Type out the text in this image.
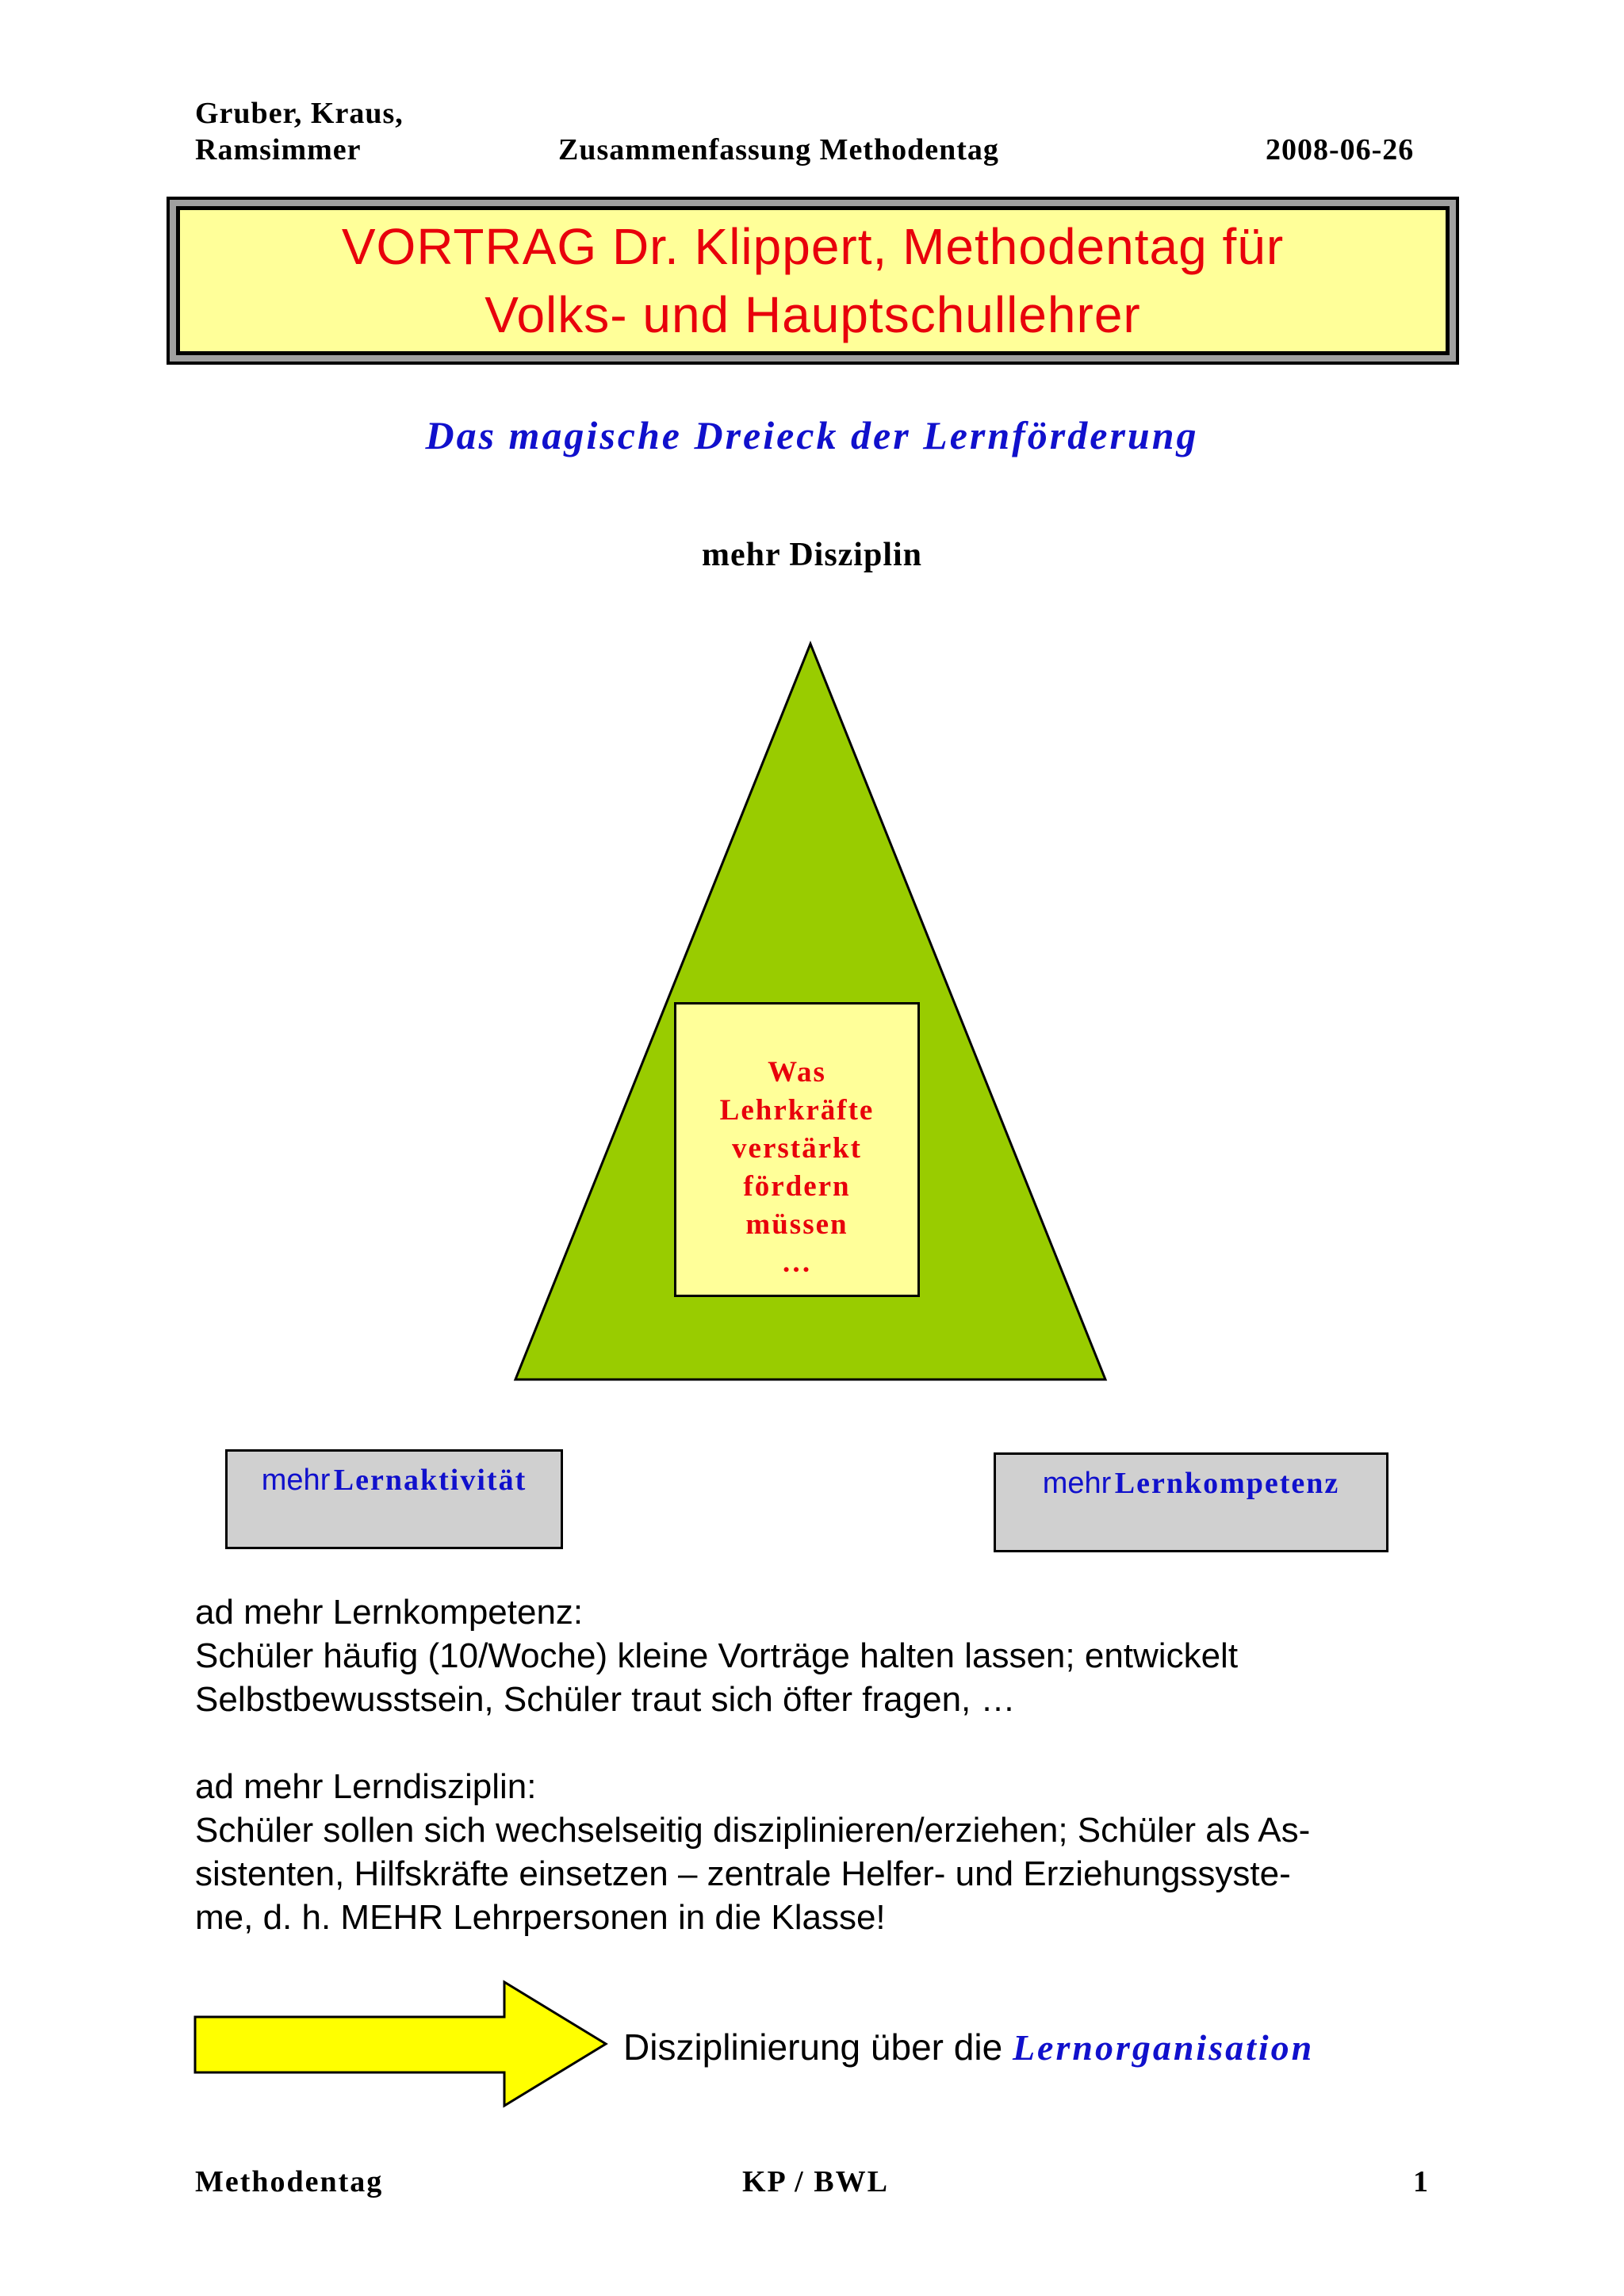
Gruber, Kraus,
Ramsimmer	Zusammenfassung Methodentag	2008-06-26
VORTRAG Dr. Klippert, Methodentag für
Volks- und Hauptschullehrer
Das magische Dreieck der Lernförderung
mehr Disziplin
Was
Lehrkräfte
verstärkt
fördern
müssen
…
mehr Lernaktivität	mehr Lernkompetenz
ad mehr Lernkompetenz:
Schüler häufig (10/Woche) kleine Vorträge halten lassen; entwickelt
Selbstbewusstsein, Schüler traut sich öfter fragen, …
ad mehr Lerndisziplin:
Schüler sollen sich wechselseitig disziplinieren/erziehen; Schüler als As-
sistenten, Hilfskräfte einsetzen – zentrale Helfer- und Erziehungssyste-
me, d. h. MEHR Lehrpersonen in die Klasse!
Disziplinierung über die Lernorganisation
Methodentag	KP / BWL	1
